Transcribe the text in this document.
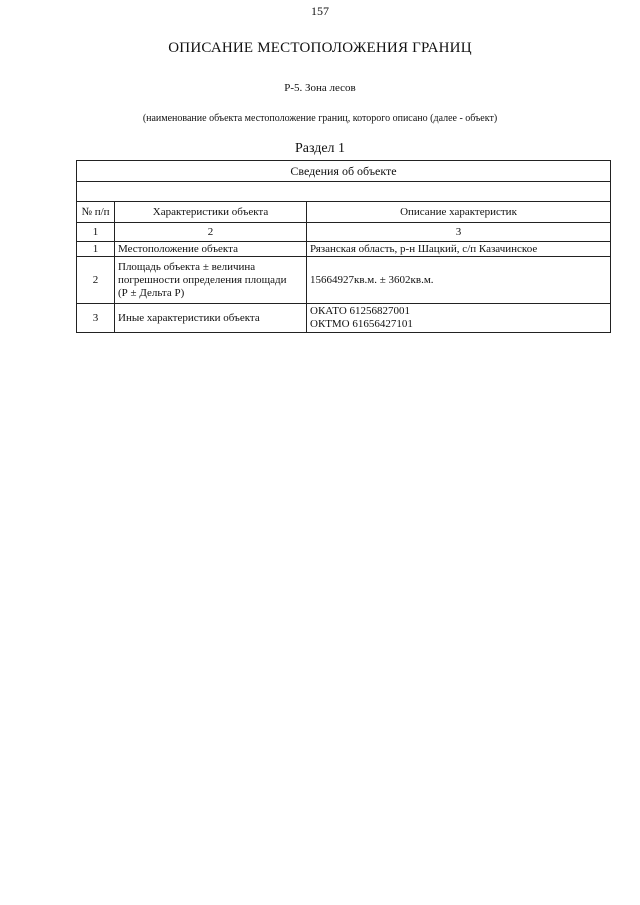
157
ОПИСАНИЕ МЕСТОПОЛОЖЕНИЯ ГРАНИЦ
Р-5. Зона лесов
(наименование объекта местоположение границ, которого описано (далее - объект)
Раздел 1
Сведения об объекте		

№ п/п	Характеристики объекта	Описание характеристик
1	2	3
1	Местоположение объекта	Рязанская область, р-н Шацкий, с/п Казачинское
2	Площадь объекта ± величина
погрешности определения площади
(Р ± Дельта Р)	15664927кв.м. ± 3602кв.м.
3	Иные характеристики объекта	ОКАТО 61256827001
ОКТМО 61656427101
